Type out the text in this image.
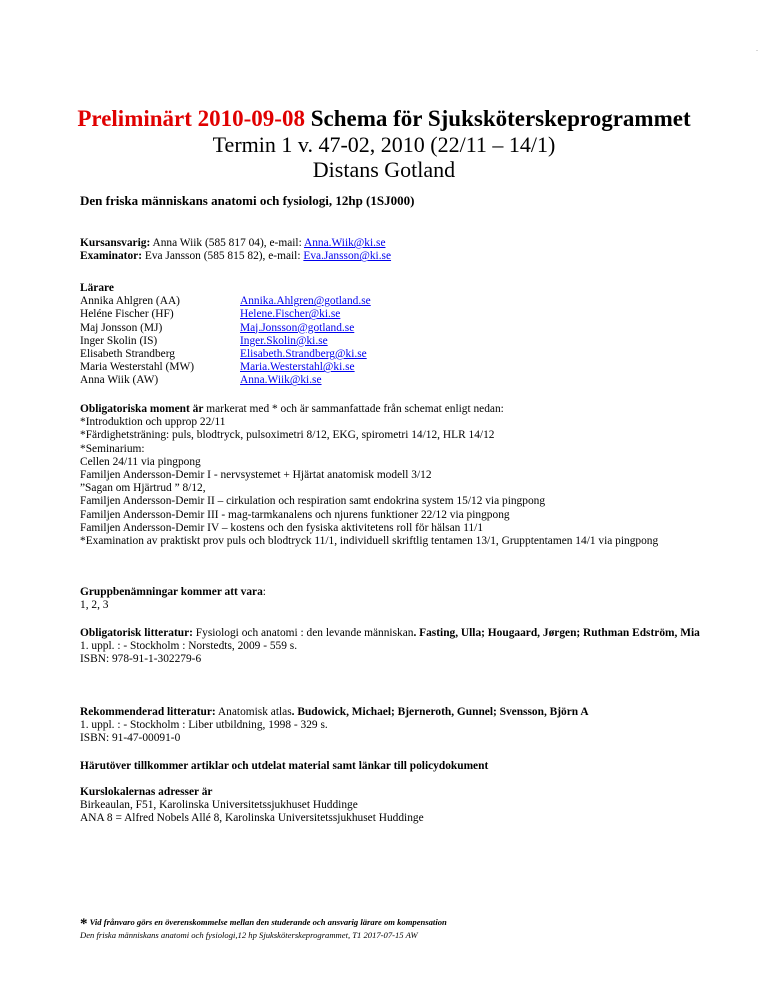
.
Preliminärt 2010-09-08 Schema för Sjuksköterskeprogrammet
Termin 1 v. 47-02, 2010 (22/11 – 14/1)
Distans Gotland
Den friska människans anatomi och fysiologi, 12hp (1SJ000)
Kursansvarig: Anna Wiik (585 817 04), e-mail: Anna.Wiik@ki.se
Examinator: Eva Jansson (585 815 82), e-mail: Eva.Jansson@ki.se
Lärare
Annika Ahlgren (AA)	Annika.Ahlgren@gotland.se
Heléne Fischer (HF)	Helene.Fischer@ki.se
Maj Jonsson (MJ)	Maj.Jonsson@gotland.se
Inger Skolin (IS)	Inger.Skolin@ki.se
Elisabeth Strandberg	Elisabeth.Strandberg@ki.se
Maria Westerstahl (MW)	Maria.Westerstahl@ki.se
Anna Wiik (AW)	Anna.Wiik@ki.se
Obligatoriska moment är markerat med * och är sammanfattade från schemat enligt nedan:
*Introduktion och upprop 22/11
*Färdighetsträning: puls, blodtryck, pulsoximetri 8/12, EKG, spirometri 14/12, HLR 14/12
*Seminarium:
Cellen 24/11 via pingpong
Familjen Andersson-Demir I - nervsystemet + Hjärtat anatomisk modell 3/12
”Sagan om Hjärtrud ” 8/12,
Familjen Andersson-Demir II – cirkulation och respiration samt endokrina system 15/12 via pingpong
Familjen Andersson-Demir III - mag-tarmkanalens och njurens funktioner 22/12 via pingpong
Familjen Andersson-Demir IV – kostens och den fysiska aktivitetens roll för hälsan 11/1
*Examination av praktiskt prov puls och blodtryck 11/1, individuell skriftlig tentamen 13/1, Grupptentamen 14/1 via pingpong
Gruppbenämningar kommer att vara:
1, 2, 3
Obligatorisk litteratur: Fysiologi och anatomi : den levande människan. Fasting, Ulla; Hougaard, Jørgen; Ruthman Edström, Mia
1. uppl. : - Stockholm : Norstedts, 2009 - 559 s.
ISBN: 978-91-1-302279-6
Rekommenderad litteratur: Anatomisk atlas. Budowick, Michael; Bjerneroth, Gunnel; Svensson, Björn A
1. uppl. : - Stockholm : Liber utbildning, 1998 - 329 s.
ISBN: 91-47-00091-0
Härutöver tillkommer artiklar och utdelat material samt länkar till policydokument
Kurslokalernas adresser är
Birkeaulan, F51, Karolinska Universitetssjukhuset Huddinge
ANA 8 = Alfred Nobels Allé 8, Karolinska Universitetssjukhuset Huddinge
* Vid frånvaro görs en överenskommelse mellan den studerande och ansvarig lärare om kompensation
Den friska människans anatomi och fysiologi,12 hp Sjuksköterskeprogrammet, T1 2017-07-15 AW
